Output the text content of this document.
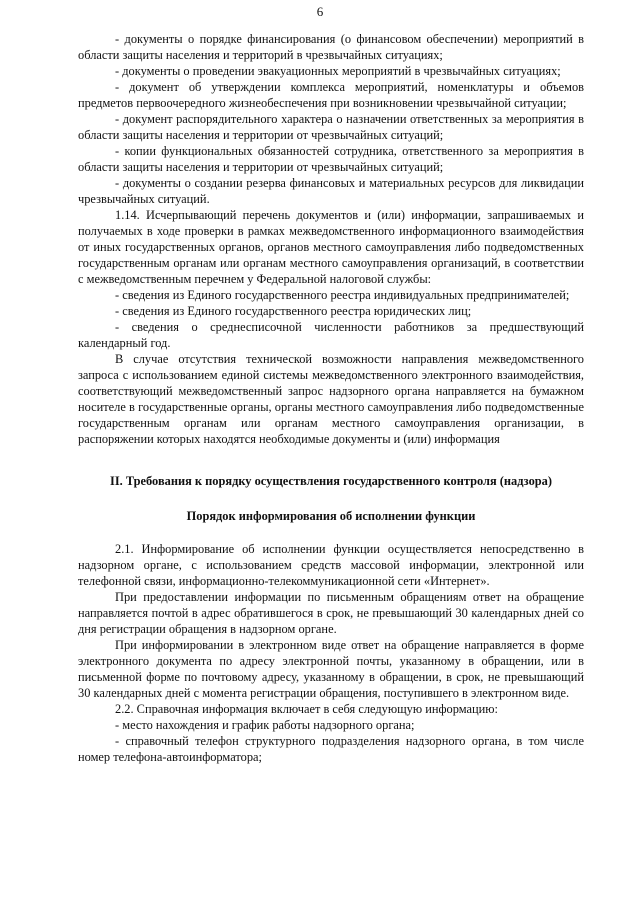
6

- документы о порядке финансирования (о финансовом обеспечении) мероприятий в области защиты населения и территорий в чрезвычайных ситуациях;

- документы о проведении эвакуационных мероприятий в чрезвычайных ситуациях;

- документ об утверждении комплекса мероприятий, номенклатуры и объемов предметов первоочередного жизнеобеспечения при возникновении чрезвычайной ситуации;

- документ распорядительного характера о назначении ответственных за мероприятия в области защиты населения и территории от чрезвычайных ситуаций;

- копии функциональных обязанностей сотрудника, ответственного за мероприятия в области защиты населения и территории от чрезвычайных ситуаций;

- документы о создании резерва финансовых и материальных ресурсов для ликвидации чрезвычайных ситуаций.

1.14. Исчерпывающий перечень документов и (или) информации, запрашиваемых и получаемых в ходе проверки в рамках межведомственного информационного взаимодействия от иных государственных органов, органов местного самоуправления либо подведомственных государственным органам или органам местного самоуправления организаций, в соответствии с межведомственным перечнем у Федеральной налоговой службы:

- сведения из Единого государственного реестра индивидуальных предпринимателей;

- сведения из Единого государственного реестра юридических лиц;

- сведения о среднесписочной численности работников за предшествующий календарный год.

В случае отсутствия технической возможности направления межведомственного запроса с использованием единой системы межведомственного электронного взаимодействия, соответствующий межведомственный запрос надзорного органа направляется на бумажном носителе в государственные органы, органы местного самоуправления либо подведомственные государственным органам или органам местного самоуправления организации, в распоряжении которых находятся необходимые документы и (или) информация

II. Требования к порядку осуществления государственного контроля (надзора)
Порядок информирования об исполнении функции

2.1. Информирование об исполнении функции осуществляется непосредственно в надзорном органе, с использованием средств массовой информации, электронной или телефонной связи, информационно-телекоммуникационной сети «Интернет».

При предоставлении информации по письменным обращениям ответ на обращение направляется почтой в адрес обратившегося в срок, не превышающий 30 календарных дней со дня регистрации обращения в надзорном органе.

При информировании в электронном виде ответ на обращение направляется в форме электронного документа по адресу электронной почты, указанному в обращении, или в письменной форме по почтовому адресу, указанному в обращении, в срок, не превышающий 30 календарных дней с момента регистрации обращения, поступившего в электронном виде.

2.2. Справочная информация включает в себя следующую информацию:

- место нахождения и график работы надзорного органа;

- справочный телефон структурного подразделения надзорного органа, в том числе номер телефона-автоинформатора;
